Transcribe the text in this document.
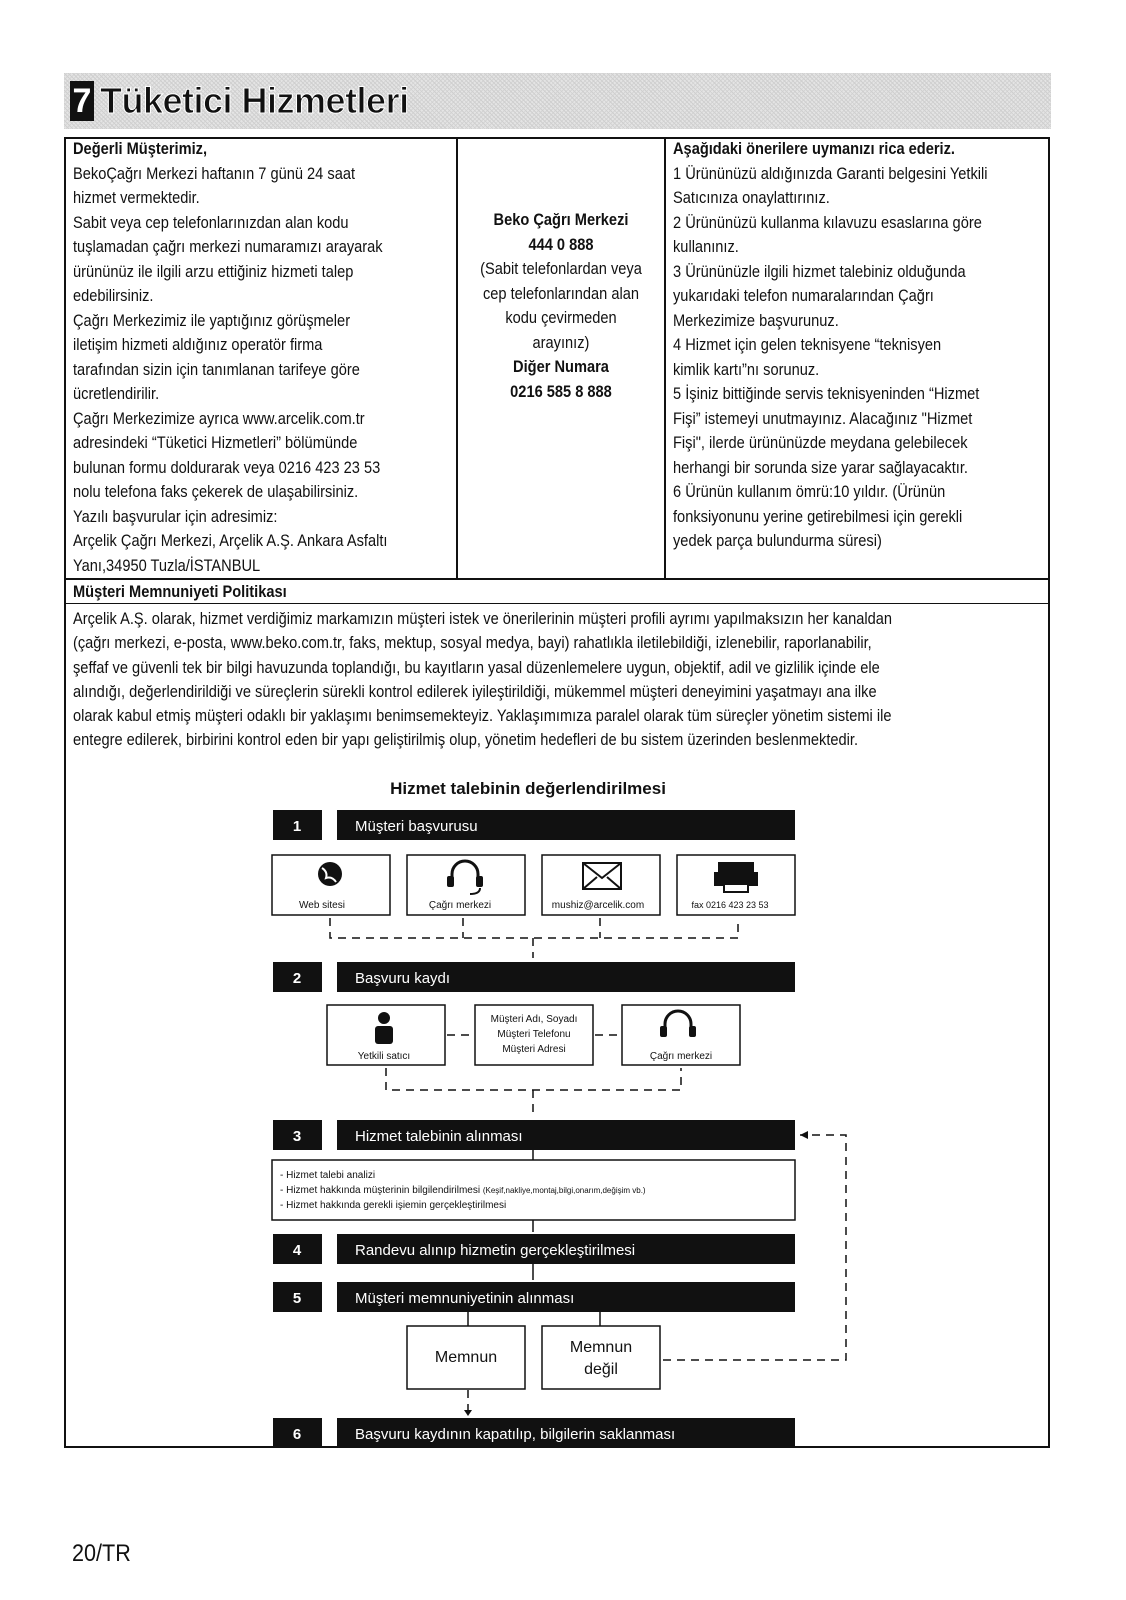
7 Tüketici Hizmetleri
Değerli Müşterimiz,
BekoÇağrı Merkezi haftanın 7 günü 24 saat
hizmet vermektedir.
Sabit veya cep telefonlarınızdan alan kodu
tuşlamadan çağrı merkezi numaramızı arayarak
ürününüz ile ilgili arzu ettiğiniz hizmeti talep
edebilirsiniz.
Çağrı Merkezimiz ile yaptığınız görüşmeler
iletişim hizmeti aldığınız operatör firma
tarafından sizin için tanımlanan tarifeye göre
ücretlendirilir.
Çağrı Merkezimize ayrıca www.arcelik.com.tr
adresindeki “Tüketici Hizmetleri” bölümünde
bulunan formu doldurarak veya 0216 423 23 53
nolu telefona faks çekerek de ulaşabilirsiniz.
Yazılı başvurular için adresimiz:
Arçelik Çağrı Merkezi, Arçelik A.Ş. Ankara Asfaltı
Yanı,34950 Tuzla/İSTANBUL
Beko Çağrı Merkezi
444 0 888
(Sabit telefonlardan veya
cep telefonlarından alan
kodu çevirmeden
arayınız)
Diğer Numara
0216 585 8 888
Aşağıdaki önerilere uymanızı rica ederiz.
1 Ürününüzü aldığınızda Garanti belgesini Yetkili
Satıcınıza onaylattırınız.
2 Ürününüzü kullanma kılavuzu esaslarına göre
kullanınız.
3 Ürününüzle ilgili hizmet talebiniz olduğunda
yukarıdaki telefon numaralarından Çağrı
Merkezimize başvurunuz.
4 Hizmet için gelen teknisyene “teknisyen
kimlik kartı”nı sorunuz.
5 İşiniz bittiğinde servis teknisyeninden “Hizmet
Fişi” istemeyi unutmayınız. Alacağınız "Hizmet
Fişi", ilerde ürününüzde meydana gelebilecek
herhangi bir sorunda size yarar sağlayacaktır.
6 Ürünün kullanım ömrü:10 yıldır. (Ürünün
fonksiyonunu yerine getirebilmesi için gerekli
yedek parça bulundurma süresi)
Müşteri Memnuniyeti Politikası
Arçelik A.Ş. olarak, hizmet verdiğimiz markamızın müşteri istek ve önerilerinin müşteri profili ayrımı yapılmaksızın her kanaldan
(çağrı merkezi, e-posta, www.beko.com.tr, faks, mektup, sosyal medya, bayi) rahatlıkla iletilebildiği, izlenebilir, raporlanabilir,
şeffaf ve güvenli tek bir bilgi havuzunda toplandığı, bu kayıtların yasal düzenlemelere uygun, objektif, adil ve gizlilik içinde ele
alındığı, değerlendirildiği ve süreçlerin sürekli kontrol edilerek iyileştirildiği, mükemmel müşteri deneyimini yaşatmayı ana ilke
olarak kabul etmiş müşteri odaklı bir yaklaşımı benimsemekteyiz. Yaklaşımımıza paralel olarak tüm süreçler yönetim sistemi ile
entegre edilerek, birbirini kontrol eden bir yapı geliştirilmiş olup, yönetim hedefleri de bu sistem üzerinden beslenmektedir.
Hizmet talebinin değerlendirilmesi
1	Müşteri başvurusu
Web sitesi	Çağrı merkezi	mushiz@arcelik.com	fax 0216 423 23 53
2	Başvuru kaydı
Yetkili satıcı
Müşteri Adı, Soyadı
Müşteri Telefonu
Müşteri Adresi
Çağrı merkezi
3	Hizmet talebinin alınması
- Hizmet talebi analizi
- Hizmet hakkında müşterinin bilgilendirilmesi (Keşif,nakliye,montaj,bilgi,onarım,değişim vb.)
- Hizmet hakkında gerekli işiemin gerçekleştirilmesi
4	Randevu alınıp hizmetin gerçekleştirilmesi
5	Müşteri memnuniyetinin alınması
Memnun
Memnun
değil
6	Başvuru kaydının kapatılıp, bilgilerin saklanması
20/TR
